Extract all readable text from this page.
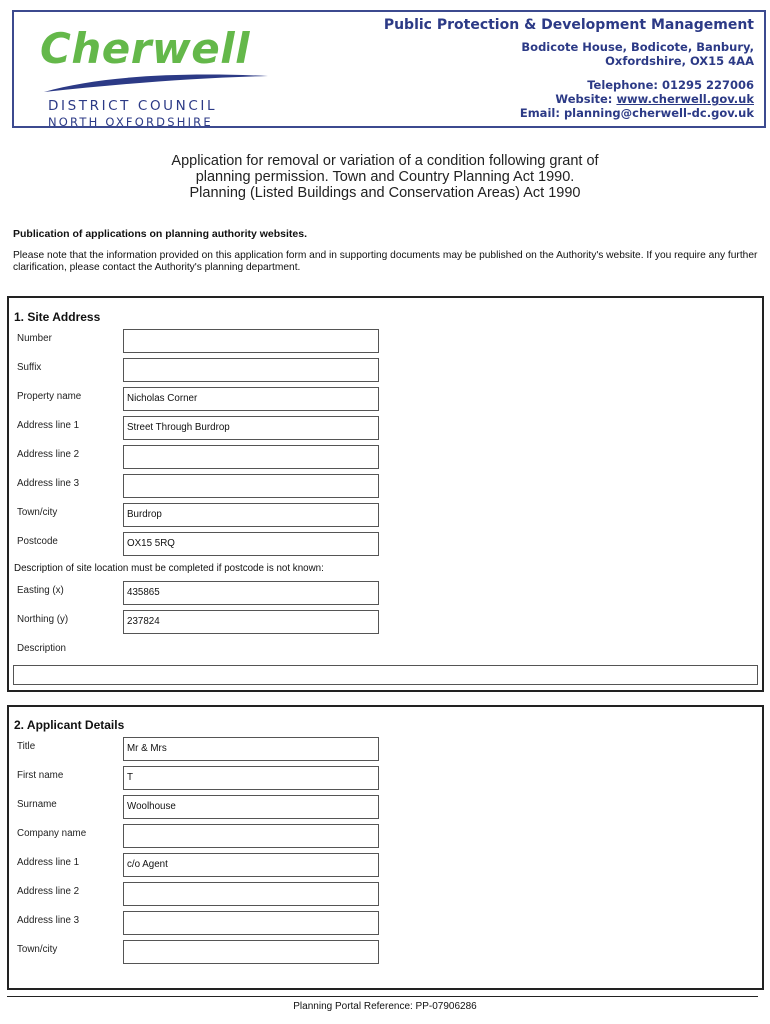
Cherwell
DISTRICT COUNCIL
NORTH OXFORDSHIRE
Public Protection & Development Management
Bodicote House, Bodicote, Banbury,
Oxfordshire, OX15 4AA
Telephone: 01295 227006
Website: www.cherwell.gov.uk
Email: planning@cherwell-dc.gov.uk
Application for removal or variation of a condition following grant of
planning permission. Town and Country Planning Act 1990.
Planning (Listed Buildings and Conservation Areas) Act 1990
Publication of applications on planning authority websites.
Please note that the information provided on this application form and in supporting documents may be published on the Authority's website. If you require any further clarification, please contact the Authority's planning department.
1. Site Address
Number
Suffix
Property name	Nicholas Corner
Address line 1	Street Through Burdrop
Address line 2
Address line 3
Town/city	Burdrop
Postcode	OX15 5RQ
Description of site location must be completed if postcode is not known:
Easting (x)	435865
Northing (y)	237824
Description
2. Applicant Details
Title	Mr & Mrs
First name	T
Surname	Woolhouse
Company name
Address line 1	c/o Agent
Address line 2
Address line 3
Town/city
Planning Portal Reference: PP-07906286
